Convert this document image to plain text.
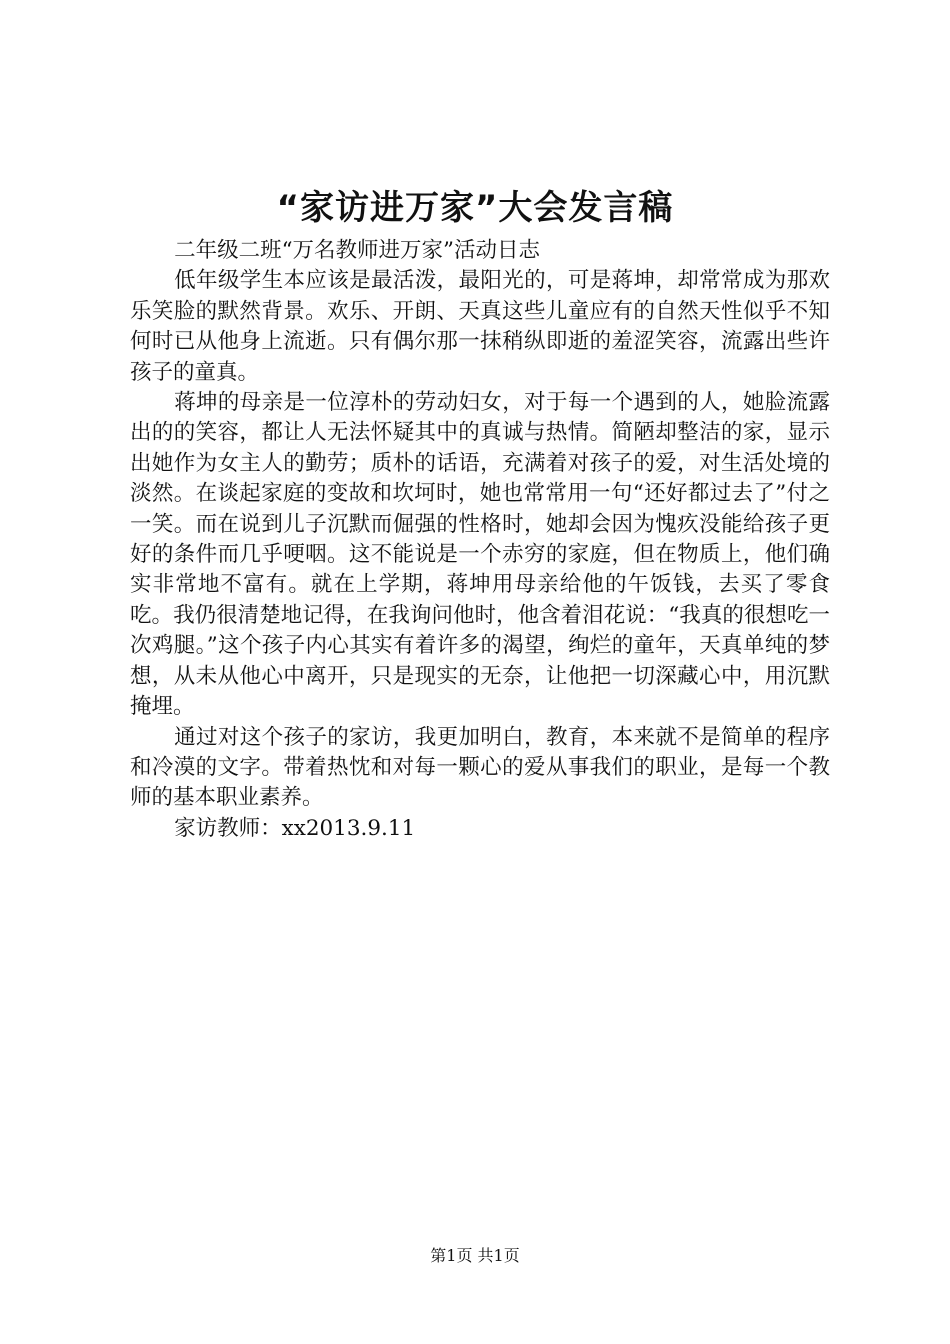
“家访进万家”大会发言稿

二年级二班“万名教师进万家”活动日志

低年级学生本应该是最活泼，最阳光的，可是蒋坤，却常常成为那欢乐笑脸的默然背景。欢乐、开朗、天真这些儿童应有的自然天性似乎不知何时已从他身上流逝。只有偶尔那一抹稍纵即逝的羞涩笑容，流露出些许孩子的童真。

蒋坤的母亲是一位淳朴的劳动妇女，对于每一个遇到的人，她脸流露出的的笑容，都让人无法怀疑其中的真诚与热情。简陋却整洁的家，显示出她作为女主人的勤劳；质朴的话语，充满着对孩子的爱，对生活处境的淡然。在谈起家庭的变故和坎坷时，她也常常用一句“还好都过去了”付之一笑。而在说到儿子沉默而倔强的性格时，她却会因为愧疚没能给孩子更好的条件而几乎哽咽。这不能说是一个赤穷的家庭，但在物质上，他们确实非常地不富有。就在上学期，蒋坤用母亲给他的午饭钱，去买了零食吃。我仍很清楚地记得，在我询问他时，他含着泪花说：“我真的很想吃一次鸡腿。”这个孩子内心其实有着许多的渴望，绚烂的童年，天真单纯的梦想，从未从他心中离开，只是现实的无奈，让他把一切深藏心中，用沉默掩埋。

通过对这个孩子的家访，我更加明白，教育，本来就不是简单的程序和冷漠的文字。带着热忱和对每一颗心的爱从事我们的职业，是每一个教师的基本职业素养。

家访教师：xx2013.9.11

第1页 共1页
